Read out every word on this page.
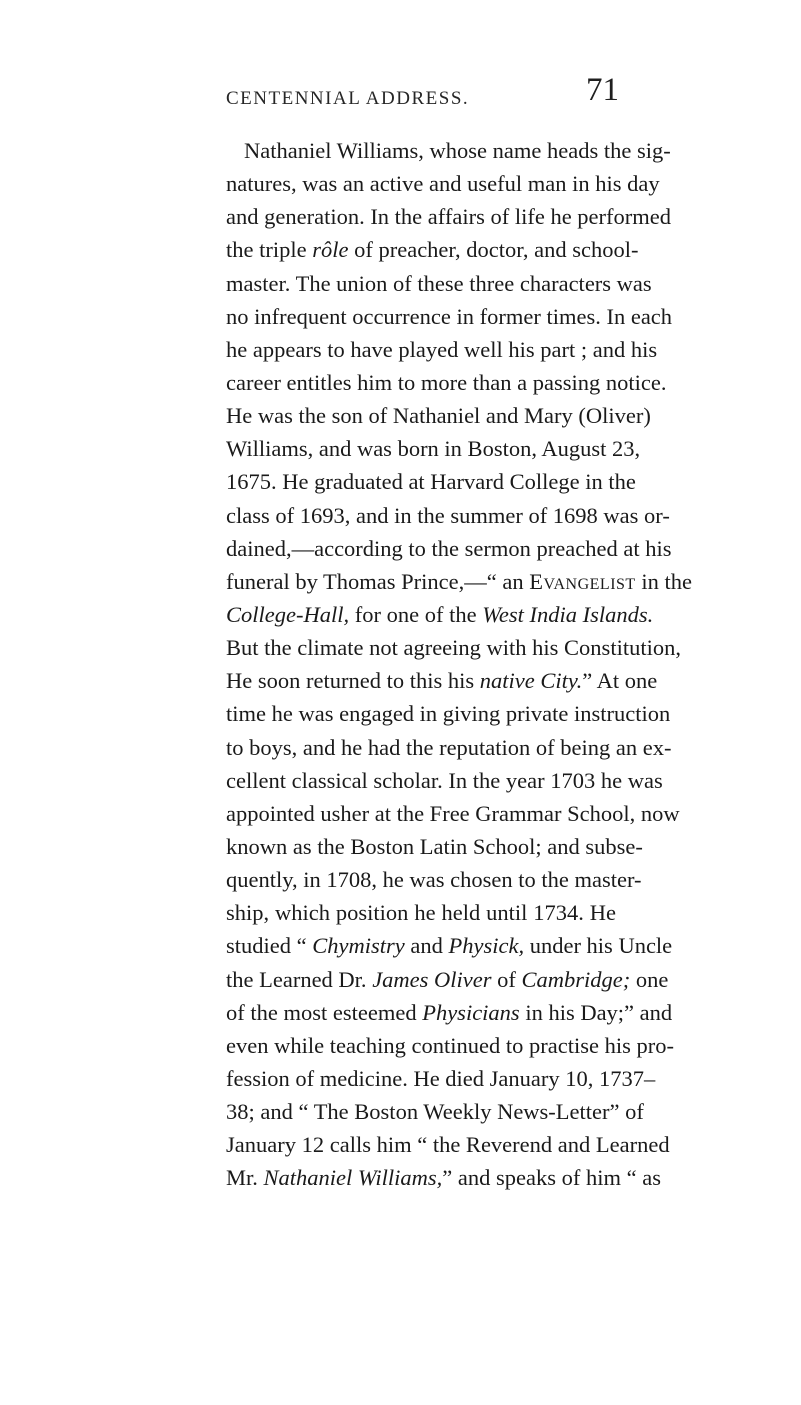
CENTENNIAL ADDRESS.	71
Nathaniel Williams, whose name heads the sig-
natures, was an active and useful man in his day
and generation. In the affairs of life he performed
the triple rôle of preacher, doctor, and school-
master. The union of these three characters was
no infrequent occurrence in former times. In each
he appears to have played well his part ; and his
career entitles him to more than a passing notice.
He was the son of Nathaniel and Mary (Oliver)
Williams, and was born in Boston, August 23,
1675. He graduated at Harvard College in the
class of 1693, and in the summer of 1698 was or-
dained,—according to the sermon preached at his
funeral by Thomas Prince,—“ an Evangelist in the
College-Hall, for one of the West India Islands.
But the climate not agreeing with his Constitution,
He soon returned to this his native City.” At one
time he was engaged in giving private instruction
to boys, and he had the reputation of being an ex-
cellent classical scholar. In the year 1703 he was
appointed usher at the Free Grammar School, now
known as the Boston Latin School; and subse-
quently, in 1708, he was chosen to the master-
ship, which position he held until 1734. He
studied “ Chymistry and Physick, under his Uncle
the Learned Dr. James Oliver of Cambridge; one
of the most esteemed Physicians in his Day;” and
even while teaching continued to practise his pro-
fession of medicine. He died January 10, 1737–
38; and “ The Boston Weekly News-Letter” of
January 12 calls him “ the Reverend and Learned
Mr. Nathaniel Williams,” and speaks of him “ as
